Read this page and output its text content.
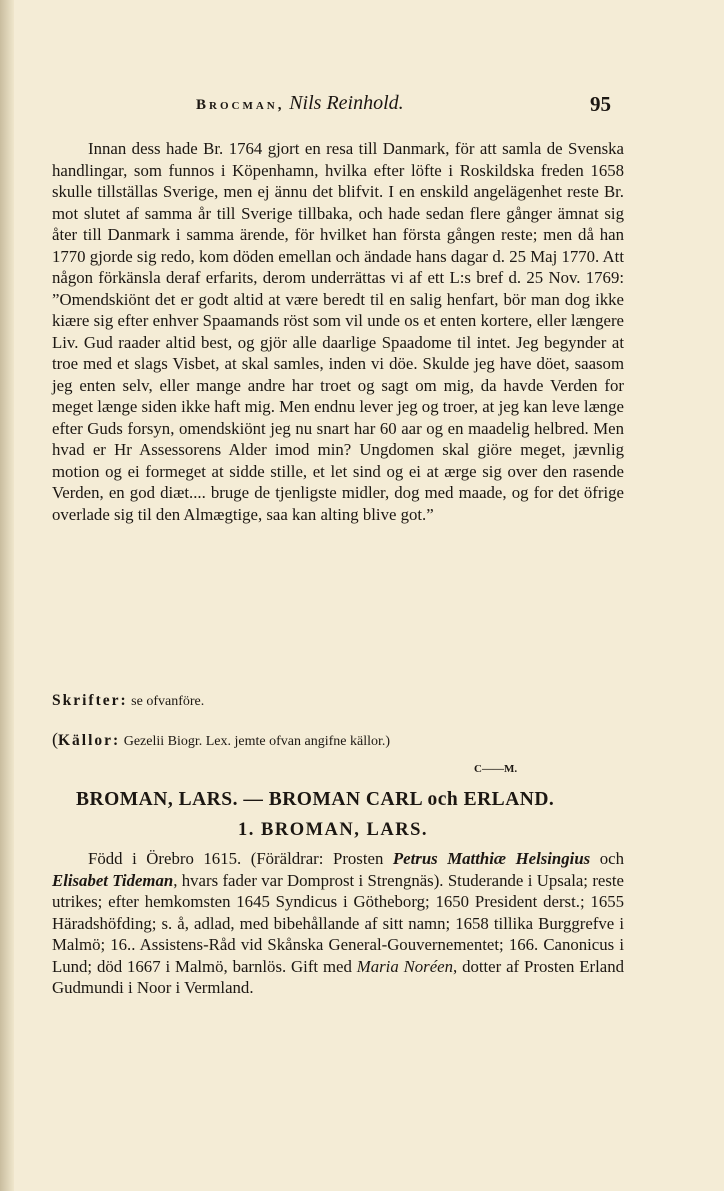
Brocman, Nils Reinhold.	95

Innan dess hade Br. 1764 gjort en resa till Danmark, för att samla de Svenska handlingar, som funnos i Köpenhamn, hvilka efter löfte i Roskildska freden 1658 skulle tillställas Sverige, men ej ännu det blifvit. I en enskild angelägenhet reste Br. mot slutet af samma år till Sverige tillbaka, och hade sedan flere gånger ämnat sig åter till Danmark i samma ärende, för hvilket han första gången reste; men då han 1770 gjorde sig redo, kom döden emellan och ändade hans dagar d. 25 Maj 1770. Att någon förkänsla deraf erfarits, derom underrättas vi af ett L:s bref d. 25 Nov. 1769: ”Omendskiönt det er godt altid at være beredt til en salig henfart, bör man dog ikke kiære sig efter enhver Spaamands röst som vil unde os et enten kortere, eller længere Liv. Gud raader altid best, og gjör alle daarlige Spaadome til intet. Jeg begynder at troe med et slags Visbet, at skal samles, inden vi döe. Skulde jeg have döet, saasom jeg enten selv, eller mange andre har troet og sagt om mig, da havde Verden for meget længe siden ikke haft mig. Men endnu lever jeg og troer, at jeg kan leve længe efter Guds forsyn, omendskiönt jeg nu snart har 60 aar og en maadelig helbred. Men hvad er Hr Assessorens Alder imod min? Ungdomen skal giöre meget, jævnlig motion og ei formeget at sidde stille, et let sind og ei at ærge sig over den rasende Verden, en god diæt.... bruge de tjenligste midler, dog med maade, og for det öfrige overlade sig til den Almægtige, saa kan alting blive got.”

Skrifter: se ofvanföre.
(Källor: Gezelii Biogr. Lex. jemte ofvan angifne källor.)
C——M.
BROMAN, LARS. — BROMAN CARL och ERLAND.
1. BROMAN, LARS.

Född i Örebro 1615. (Föräldrar: Prosten Petrus Matthiæ Helsingius och Elisabet Tideman, hvars fader var Domprost i Strengnäs). Studerande i Upsala; reste utrikes; efter hemkomsten 1645 Syndicus i Götheborg; 1650 President derst.; 1655 Häradshöfding; s. å, adlad, med bibehållande af sitt namn; 1658 tillika Burggrefve i Malmö; 16.. Assistens-Råd vid Skånska General-Gouvernementet; 166. Canonicus i Lund; död 1667 i Malmö, barnlös. Gift med Maria Noréen, dotter af Prosten Erland Gudmundi i Noor i Vermland.
